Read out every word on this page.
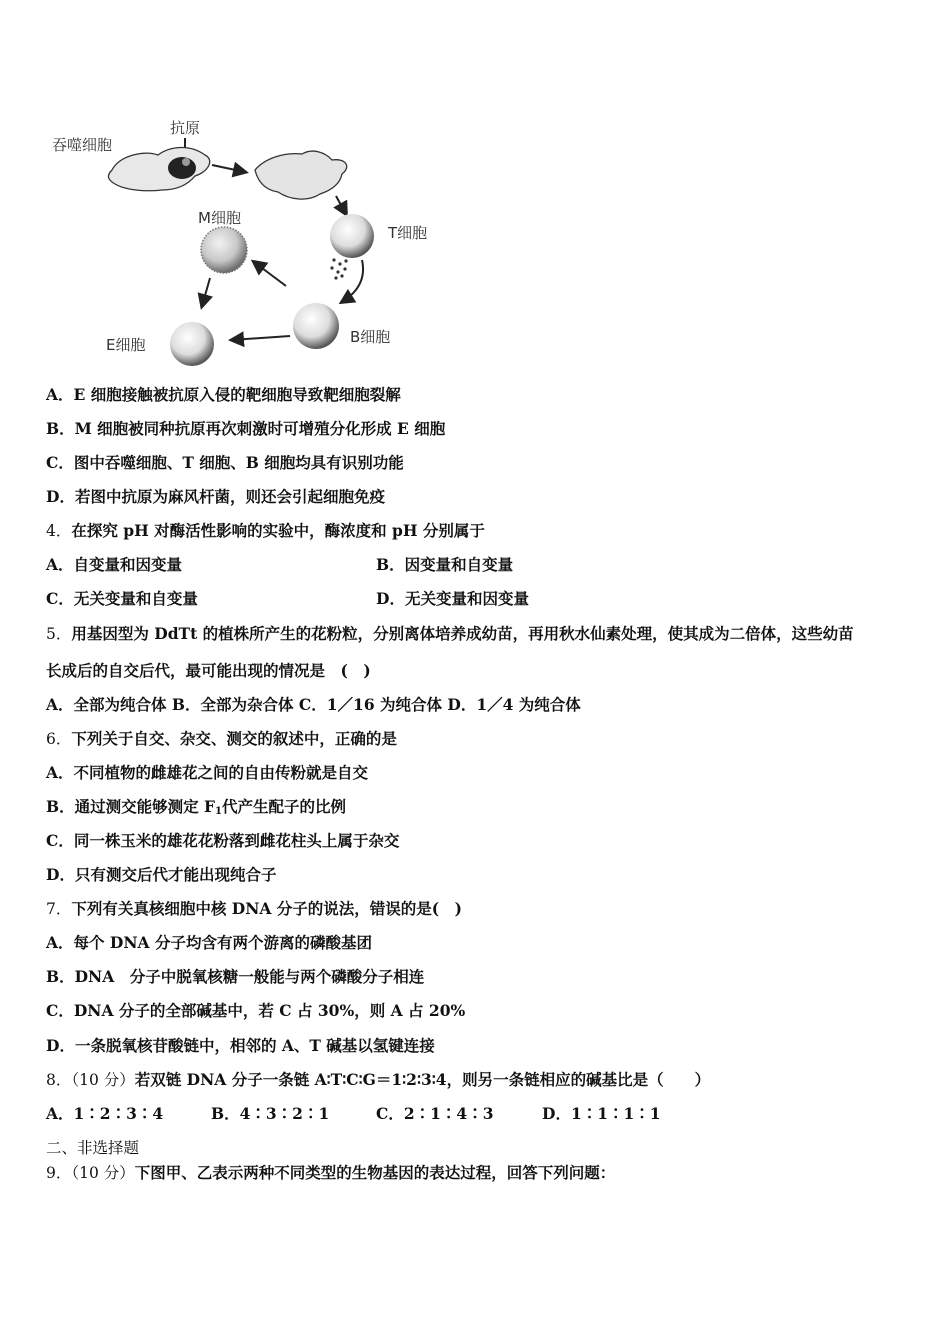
吞噬细胞
抗原
T细胞
B细胞
M细胞
E细胞
A．E 细胞接触被抗原入侵的靶细胞导致靶细胞裂解
B．M 细胞被同种抗原再次刺激时可增殖分化形成 E 细胞
C．图中吞噬细胞、T 细胞、B 细胞均具有识别功能
D．若图中抗原为麻风杆菌，则还会引起细胞免疫
4．在探究 pH 对酶活性影响的实验中，酶浓度和 pH 分别属于
A．自变量和因变量	B．因变量和自变量
C．无关变量和自变量	D．无关变量和因变量
5．用基因型为 DdTt 的植株所产生的花粉粒，分别离体培养成幼苗，再用秋水仙素处理，使其成为二倍体，这些幼苗
长成后的自交后代，最可能出现的情况是　(　)
A．全部为纯合体 B．全部为杂合体 C．1／16 为纯合体 D．1／4 为纯合体
6．下列关于自交、杂交、测交的叙述中，正确的是
A．不同植物的雌雄花之间的自由传粉就是自交
B．通过测交能够测定 $F_1$代产生配子的比例
C．同一株玉米的雄花花粉落到雌花柱头上属于杂交
D．只有测交后代才能出现纯合子
7．下列有关真核细胞中核 DNA 分子的说法，错误的是(　)
A．每个 DNA 分子均含有两个游离的磷酸基团
B．DNA　分子中脱氧核糖一般能与两个磷酸分子相连
C．DNA 分子的全部碱基中，若 C 占 30%，则 A 占 20%
D．一条脱氧核苷酸链中，相邻的 A、T 碱基以氢键连接
8．（10 分）若双链 DNA 分子一条链 A∶T∶C∶G＝1∶2∶3∶4，则另一条链相应的碱基比是（　　）
A．1∶2∶3∶4	B．4∶3∶2∶1	C．2∶1∶4∶3	D．1∶1∶1∶1
二、非选择题
9．（10 分）下图甲、乙表示两种不同类型的生物基因的表达过程，回答下列问题：
